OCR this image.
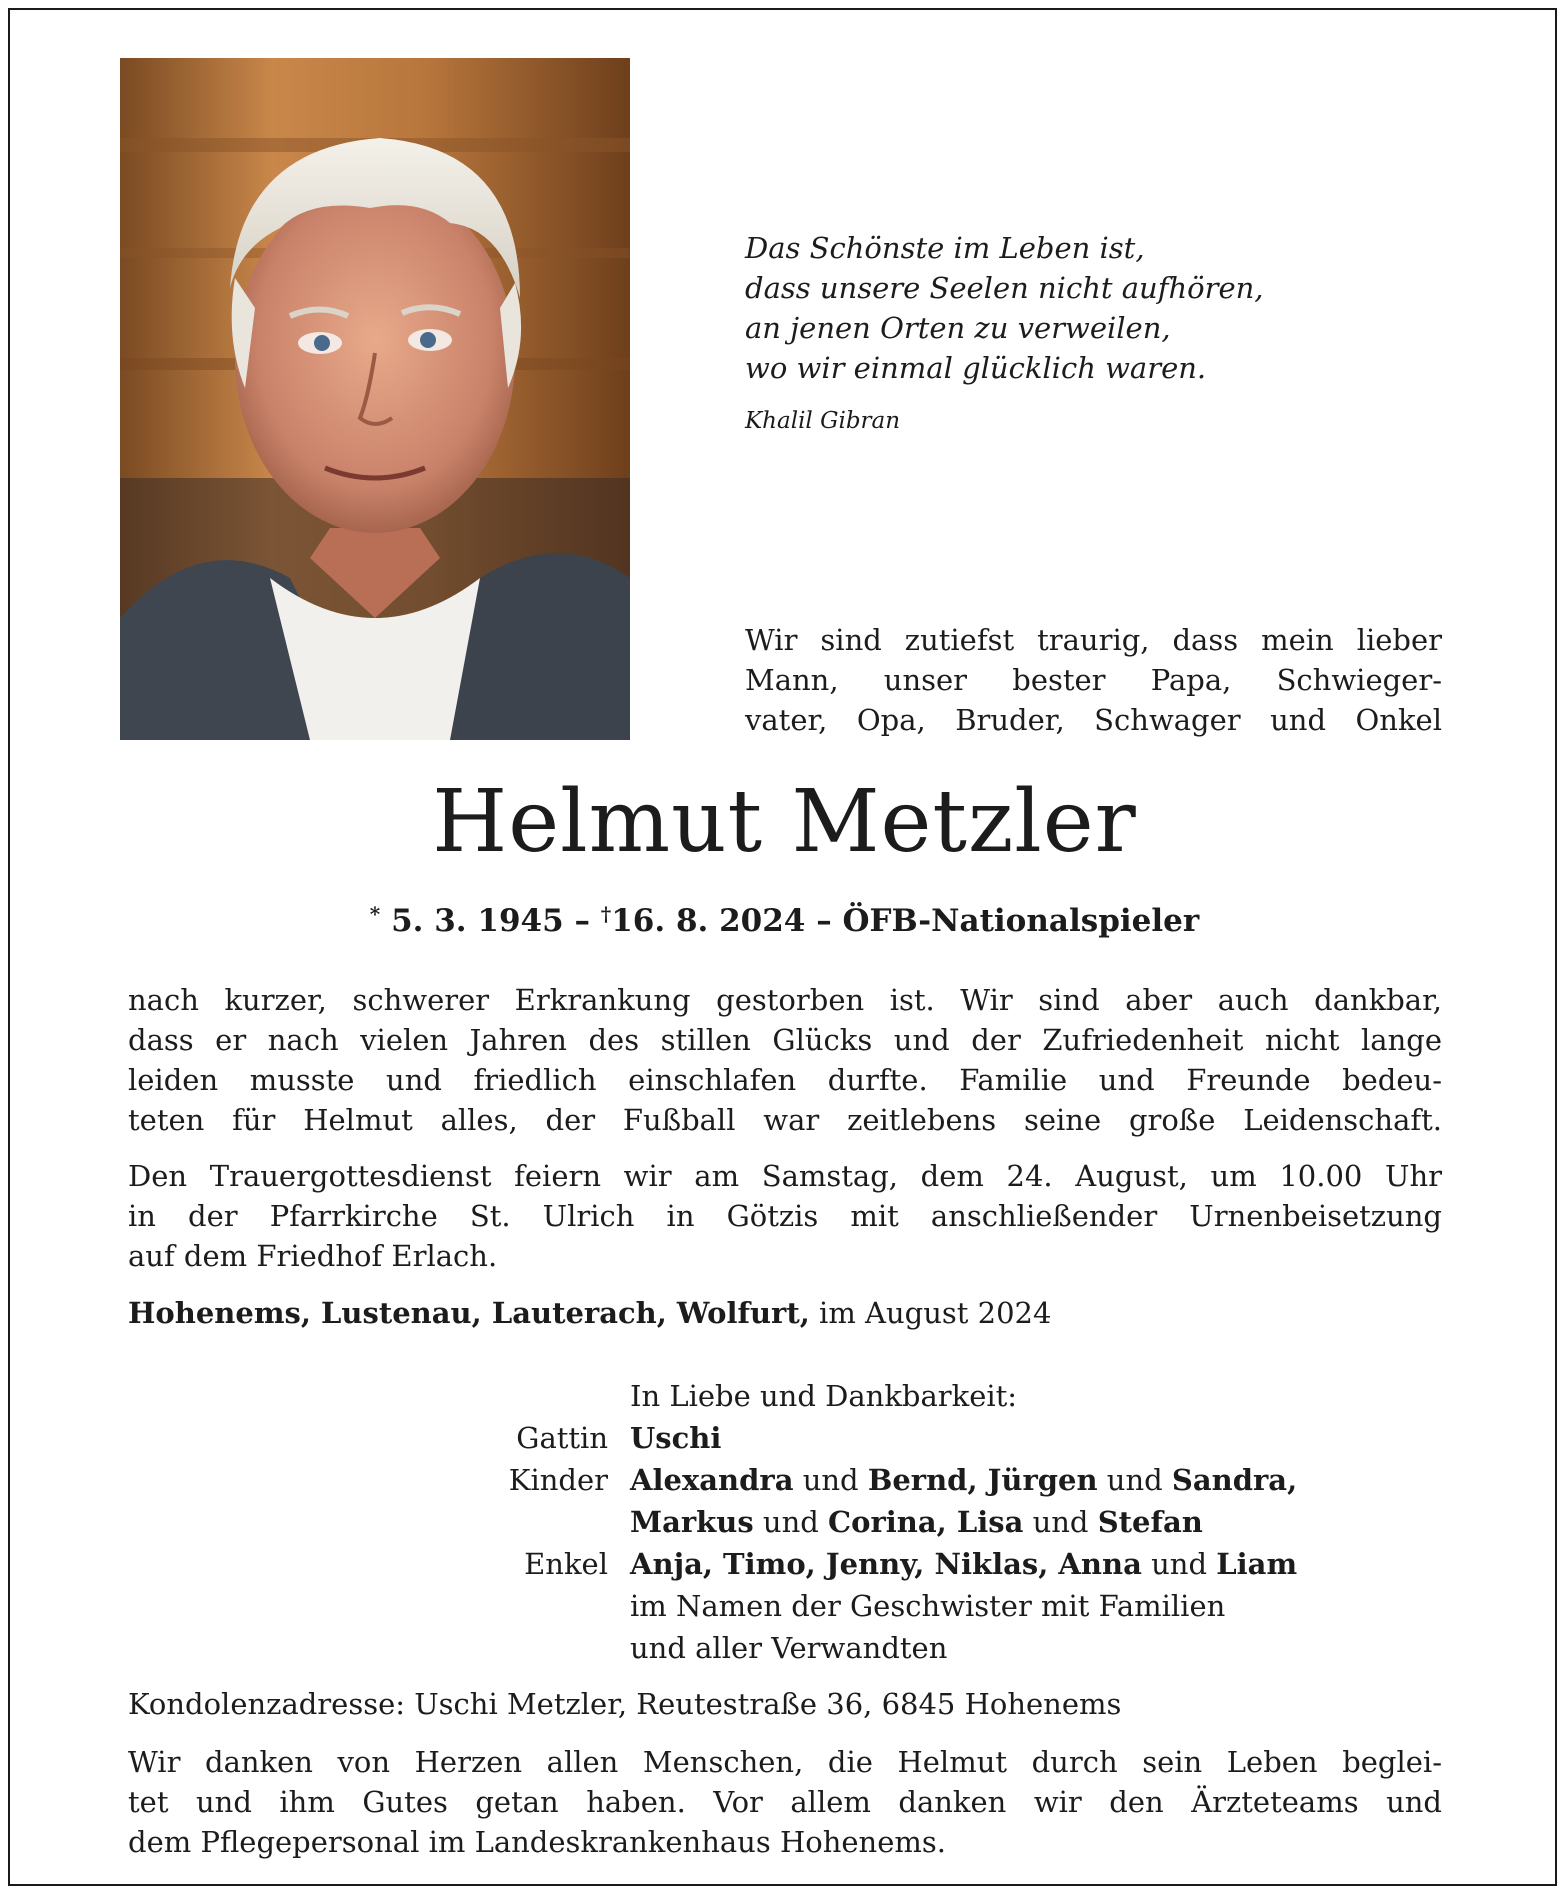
Das Schönste im Leben ist,
dass unsere Seelen nicht aufhören,
an jenen Orten zu verweilen,
wo wir einmal glücklich waren.
Khalil Gibran
Wir sind zutiefst traurig, dass mein lieber
Mann, unser bester Papa, Schwieger-
vater, Opa, Bruder, Schwager und Onkel
Helmut Metzler
* 5. 3. 1945 – †16. 8. 2024 – ÖFB-Nationalspieler
nach kurzer, schwerer Erkrankung gestorben ist. Wir sind aber auch dankbar,
dass er nach vielen Jahren des stillen Glücks und der Zufriedenheit nicht lange
leiden musste und friedlich einschlafen durfte. Familie und Freunde bedeu-
teten für Helmut alles, der Fußball war zeitlebens seine große Leidenschaft.
Den Trauergottesdienst feiern wir am Samstag, dem 24. August, um 10.00 Uhr
in der Pfarrkirche St. Ulrich in Götzis mit anschließender Urnenbeisetzung
auf dem Friedhof Erlach.
Hohenems, Lustenau, Lauterach, Wolfurt, im August 2024
In Liebe und Dankbarkeit:
Gattin Uschi
Kinder Alexandra und Bernd, Jürgen und Sandra,
Markus und Corina, Lisa und Stefan
Enkel Anja, Timo, Jenny, Niklas, Anna und Liam
im Namen der Geschwister mit Familien
und aller Verwandten
Kondolenzadresse: Uschi Metzler, Reutestraße 36, 6845 Hohenems
Wir danken von Herzen allen Menschen, die Helmut durch sein Leben beglei-
tet und ihm Gutes getan haben. Vor allem danken wir den Ärzteteams und
dem Pflegepersonal im Landeskrankenhaus Hohenems.
